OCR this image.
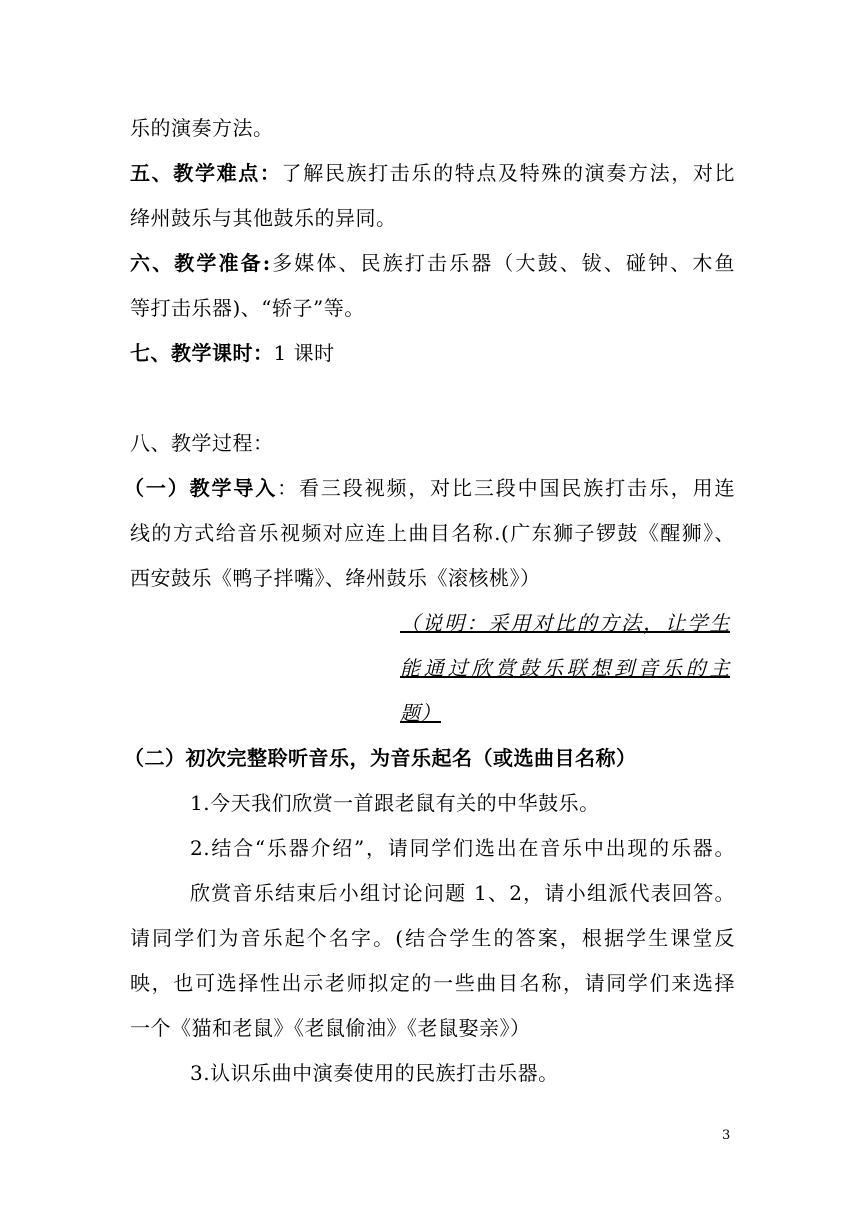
乐的演奏方法。
五、教学难点：了解民族打击乐的特点及特殊的演奏方法，对比
绛州鼓乐与其他鼓乐的异同。
六、教学准备:多媒体、民族打击乐器（大鼓、钹、碰钟、木鱼
等打击乐器)、“轿子”等。
七、教学课时：1 课时
八、教学过程：
（一）教学导入：看三段视频，对比三段中国民族打击乐，用连
线的方式给音乐视频对应连上曲目名称.(广东狮子锣鼓《醒狮》、
西安鼓乐《鸭子拌嘴》、绛州鼓乐《滚核桃》）
（说明：采用对比的方法，让学生
能通过欣赏鼓乐联想到音乐的主
题）
（二）初次完整聆听音乐，为音乐起名（或选曲目名称）
1.今天我们欣赏一首跟老鼠有关的中华鼓乐。
2.结合“乐器介绍”，请同学们选出在音乐中出现的乐器。
欣赏音乐结束后小组讨论问题 1、2，请小组派代表回答。
请同学们为音乐起个名字。(结合学生的答案，根据学生课堂反
映，也可选择性出示老师拟定的一些曲目名称，请同学们来选择
一个《猫和老鼠》《老鼠偷油》《老鼠娶亲》）
3.认识乐曲中演奏使用的民族打击乐器。
3
